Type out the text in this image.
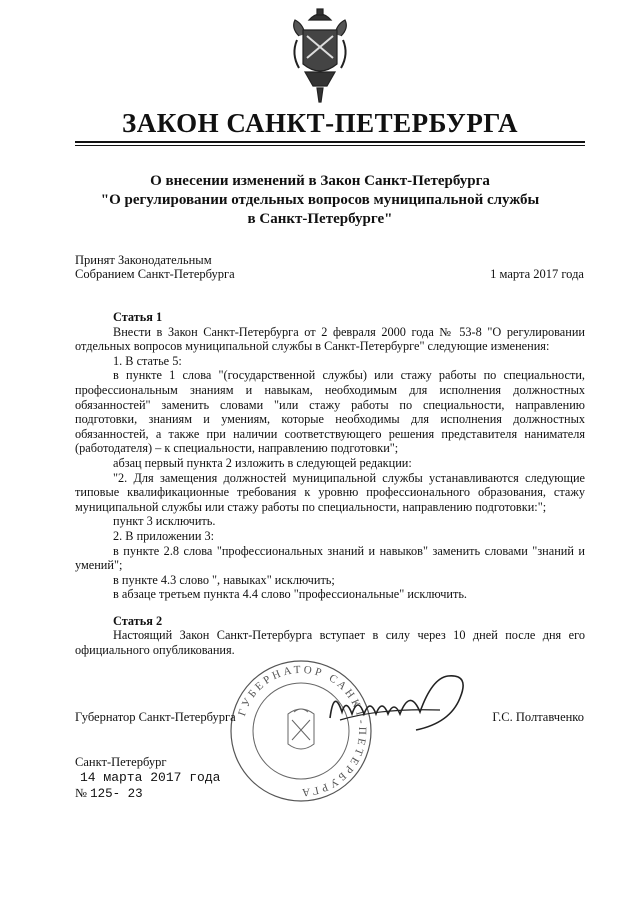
ЗАКОН САНКТ-ПЕТЕРБУРГА
О внесении изменений в Закон Санкт-Петербурга
"О регулировании отдельных вопросов муниципальной службы
в Санкт-Петербурге"
Принят Законодательным
Собранием Санкт-Петербурга	1 марта 2017 года
Статья 1
Внести в Закон Санкт-Петербурга от 2 февраля 2000 года № 53-8 "О регулировании отдельных вопросов муниципальной службы в Санкт-Петербурге" следующие изменения:
1. В статье 5:
в пункте 1 слова "(государственной службы) или стажу работы по специальности, профессиональным знаниям и навыкам, необходимым для исполнения должностных обязанностей" заменить словами "или стажу работы по специальности, направлению подготовки, знаниям и умениям, которые необходимы для исполнения должностных обязанностей, а также при наличии соответствующего решения представителя нанимателя (работодателя) – к специальности, направлению подготовки";
абзац первый пункта 2 изложить в следующей редакции:
"2. Для замещения должностей муниципальной службы устанавливаются следующие типовые квалификационные требования к уровню профессионального образования, стажу муниципальной службы или стажу работы по специальности, направлению подготовки:";
пункт 3 исключить.
2. В приложении 3:
в пункте 2.8 слова "профессиональных знаний и навыков" заменить словами "знаний и умений";
в пункте 4.3 слово ", навыках" исключить;
в абзаце третьем пункта 4.4 слово "профессиональные" исключить.
Статья 2
Настоящий Закон Санкт-Петербурга вступает в силу через 10 дней после дня его официального опубликования.
ГУБЕРНАТОР САНКТ-ПЕТЕРБУРГА
Губернатор Санкт-Петербурга	Г.С. Полтавченко
Санкт-Петербург
14 марта 2017 года
№ 125- 23
